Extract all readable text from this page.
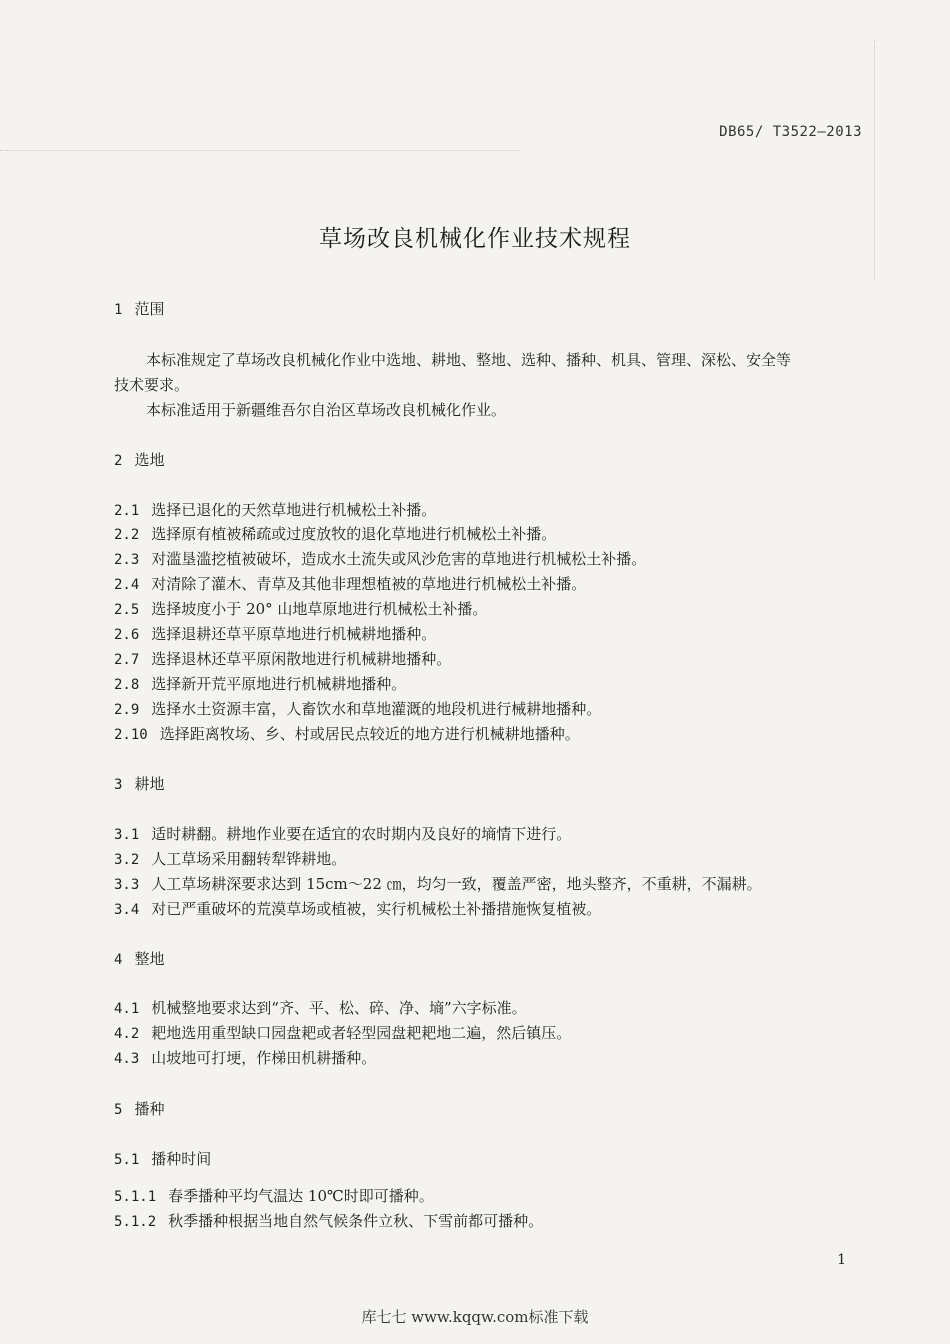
DB65/ T3522—2013
草场改良机械化作业技术规程
1 范围
本标准规定了草场改良机械化作业中选地、耕地、整地、选种、播种、机具、管理、深松、安全等
技术要求。
本标准适用于新疆维吾尔自治区草场改良机械化作业。
2 选地
2.1 选择已退化的天然草地进行机械松土补播。
2.2 选择原有植被稀疏或过度放牧的退化草地进行机械松土补播。
2.3 对滥垦滥挖植被破坏，造成水土流失或风沙危害的草地进行机械松土补播。
2.4 对清除了灌木、青草及其他非理想植被的草地进行机械松土补播。
2.5 选择坡度小于 20° 山地草原地进行机械松土补播。
2.6 选择退耕还草平原草地进行机械耕地播种。
2.7 选择退林还草平原闲散地进行机械耕地播种。
2.8 选择新开荒平原地进行机械耕地播种。
2.9 选择水土资源丰富，人畜饮水和草地灌溉的地段机进行械耕地播种。
2.10 选择距离牧场、乡、村或居民点较近的地方进行机械耕地播种。
3 耕地
3.1 适时耕翻。耕地作业要在适宜的农时期内及良好的墒情下进行。
3.2 人工草场采用翻转犁铧耕地。
3.3 人工草场耕深要求达到 15cm～22 ㎝，均匀一致，覆盖严密，地头整齐，不重耕，不漏耕。
3.4 对已严重破坏的荒漠草场或植被，实行机械松土补播措施恢复植被。
4 整地
4.1 机械整地要求达到“齐、平、松、碎、净、墒”六字标准。
4.2 耙地选用重型缺口园盘耙或者轻型园盘耙耙地二遍，然后镇压。
4.3 山坡地可打埂，作梯田机耕播种。
5 播种
5.1 播种时间
5.1.1 春季播种平均气温达 10℃时即可播种。
5.1.2 秋季播种根据当地自然气候条件立秋、下雪前都可播种。
1
库七七 www.kqqw.com标准下载
